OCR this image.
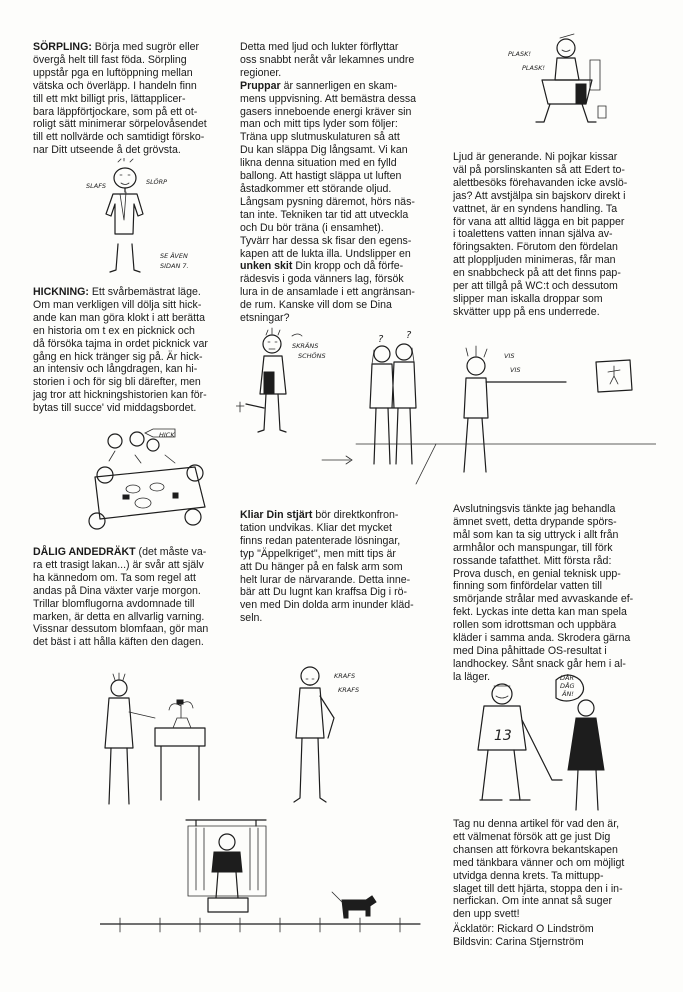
SÖRPLING: Börja med sugrör eller
övergå helt till fast föda. Sörpling
uppstår pga en luftöppning mellan
vätska och överläpp. I handeln finn
till ett mkt billigt pris, lättapplicer-
bara läppförtjockare, som på ett ot-
roligt sätt minimerar sörpelovåsendet
till ett nollvärde och samtidigt försko-
nar Ditt utseende å det grövsta.
HICKNING: Ett svårbemästrat läge.
Om man verkligen vill dölja sitt hick-
ande kan man göra klokt i att berätta
en historia om t ex en picknick och
då försöka tajma in ordet picknick var
gång en hick tränger sig på. Är hick-
an intensiv och långdragen, kan hi-
storien i och för sig bli därefter, men
jag tror att hickningshistorien kan för-
bytas till succe' vid middagsbordet.
DÅLIG ANDEDRÄKT (det måste va-
ra ett trasigt lakan...) är svår att själv
ha kännedom om. Ta som regel att
andas på Dina växter varje morgon.
Trillar blomflugorna avdomnade till
marken, är detta en allvarlig varning.
Vissnar dessutom blomfaan, gör man
det bäst i att hålla käften den dagen.
Detta med ljud och lukter förflyttar
oss snabbt neråt vår lekamnes undre
regioner.
Pruppar är sannerligen en skam-
mens uppvisning. Att bemästra dessa
gasers inneboende energi kräver sin
man och mitt tips lyder som följer:
Träna upp slutmuskulaturen så att
Du kan släppa Dig långsamt. Vi kan
likna denna situation med en fylld
ballong. Att hastigt släppa ut luften
åstadkommer ett störande oljud.
Långsam pysning däremot, hörs näs-
tan inte. Tekniken tar tid att utveckla
och Du bör träna (i ensamhet).
Tyvärr har dessa sk fisar den egens-
kapen att de lukta illa. Undslipper en
unken skit Din kropp och då förfe-
rädesvis i goda vänners lag, försök
lura in de ansamlade i ett angränsan-
de rum. Kanske vill dom se Dina
etsningar?
Kliar Din stjärt bör direktkonfron-
tation undvikas. Kliar det mycket
finns redan patenterade lösningar,
typ "Äppelkriget", men mitt tips är
att Du hänger på en falsk arm som
helt lurar de närvarande. Detta inne-
bär att Du lugnt kan kraffsa Dig i rö-
ven med Din dolda arm inunder kläd-
seln.
Ljud är generande. Ni pojkar kissar
väl på porslinskanten så att Edert to-
alettbesöks förehavanden icke avslö-
jas? Att avstjälpa sin bajskorv direkt i
vattnet, är en syndens handling. Ta
för vana att alltid lägga en bit papper
i toalettens vatten innan själva av-
föringsakten. Förutom den fördelan
att ploppljuden minimeras, får man
en snabbcheck på att det finns pap-
per att tillgå på WC:t och dessutom
slipper man iskalla droppar som
skvätter upp på ens underrede.
Avslutningsvis tänkte jag behandla
ämnet svett, detta drypande spörs-
mål som kan ta sig uttryck i allt från
armhålor och manspungar, till förk
rossande tafatthet. Mitt första råd:
Prova dusch, en genial teknisk upp-
finning som finfördelar vatten till
smörjande strålar med avvaskande ef-
fekt. Lyckas inte detta kan man spela
rollen som idrottsman och uppbära
kläder i samma anda. Skrodera gärna
med Dina påhittade OS-resultat i
landhockey. Sånt snack går hem i al-
la läger.
Tag nu denna artikel för vad den är,
ett välmenat försök att ge just Dig
chansen att förkovra bekantskapen
med tänkbara vänner och om möjligt
utvidga denna krets. Ta mittupp-
slaget till dett hjärta, stoppa den i in-
nerfickan. Om inte annat så suger
den upp svett!
Äcklatör: Rickard O Lindström
Bildsvin: Carina Stjernström
SLAFS	SLÖRP
SE ÄVEN
SIDAN 7.
HICK
PLASK!
PLASK!
SKRÄNS
SCHÖNS
? ?
VIS
VIS
KRAFS
KRAFS
13
DÅR
DÅG
ÄN!
